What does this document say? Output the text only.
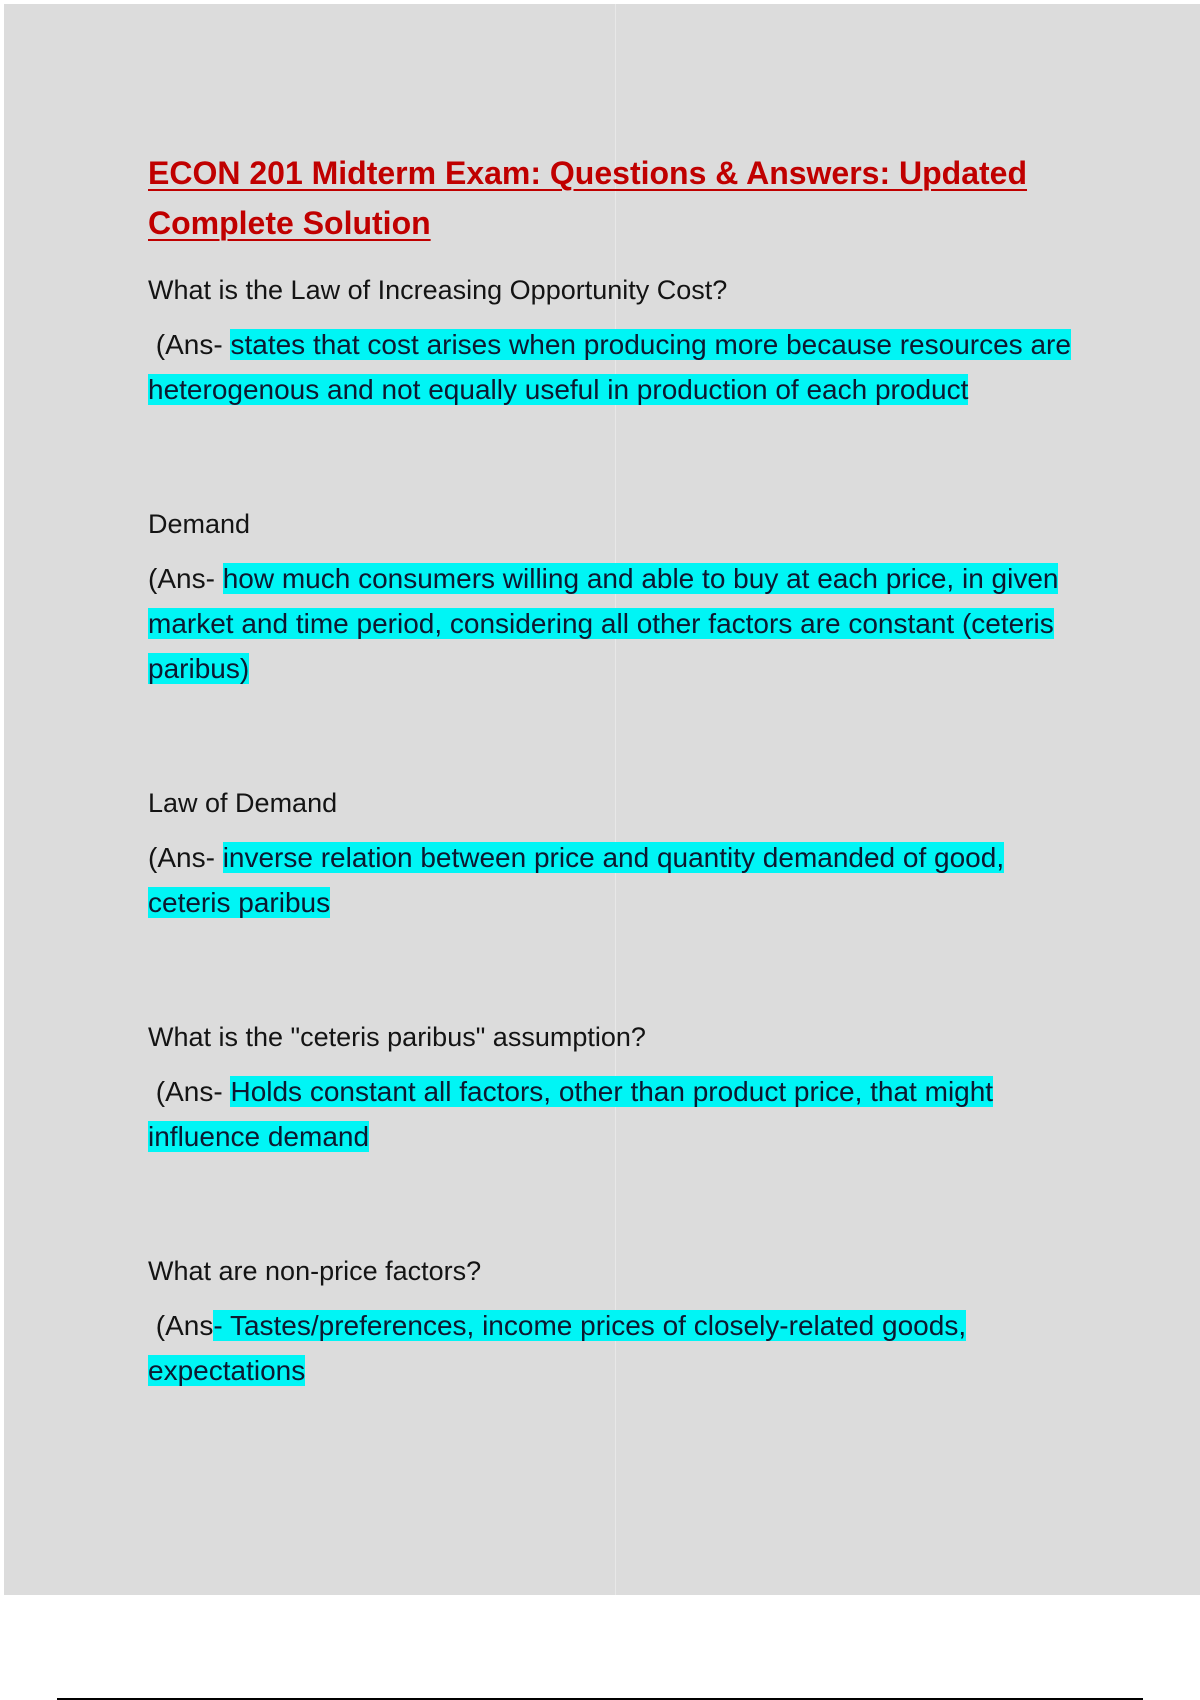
ECON 201 Midterm Exam: Questions & Answers: Updated Complete Solution

What is the Law of Increasing Opportunity Cost?

(Ans- states that cost arises when producing more because resources are heterogenous and not equally useful in production of each product

Demand

(Ans- how much consumers willing and able to buy at each price, in given market and time period, considering all other factors are constant (ceteris paribus)

Law of Demand

(Ans- inverse relation between price and quantity demanded of good, ceteris paribus

What is the "ceteris paribus" assumption?

(Ans- Holds constant all factors, other than product price, that might influence demand

What are non-price factors?

(Ans- Tastes/preferences, income prices of closely-related goods, expectations
